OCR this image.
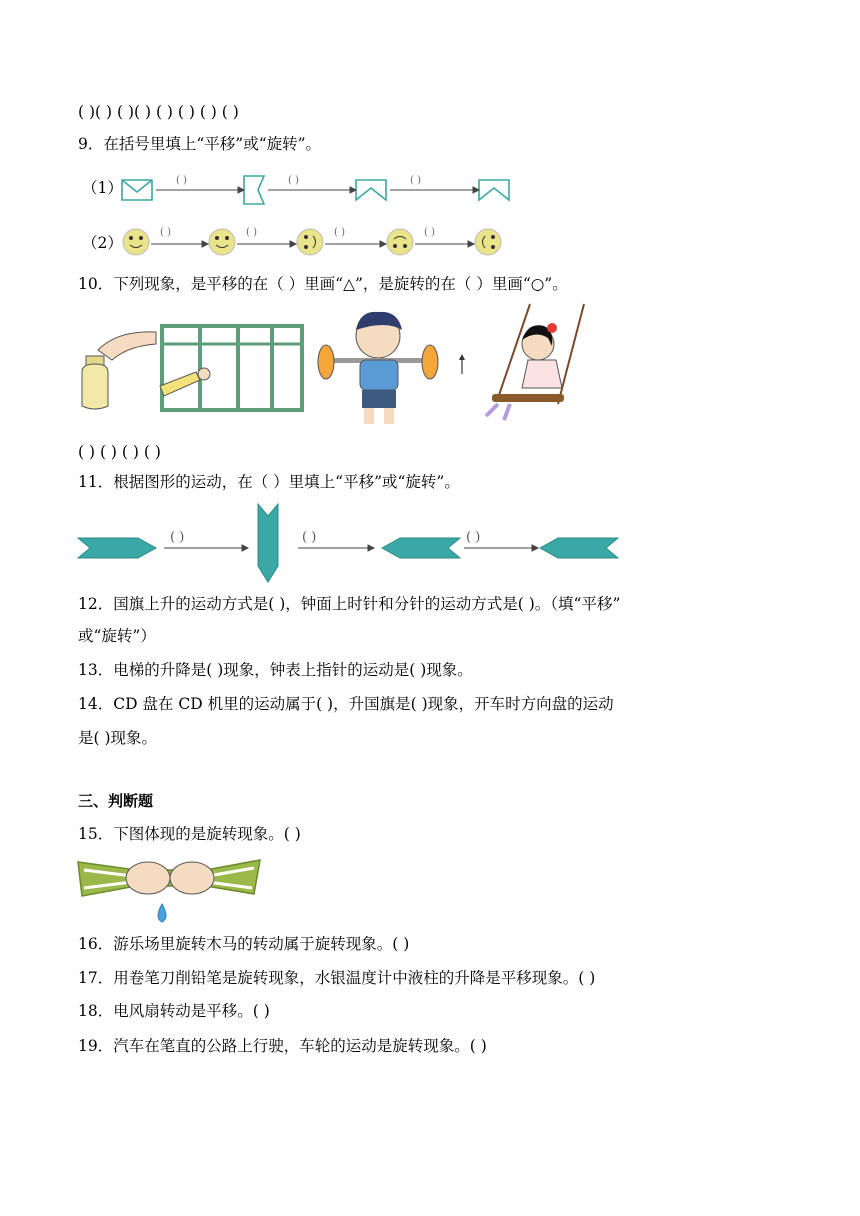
( )( ) ( )( ) ( ) ( ) ( ) ( )
9．在括号里填上“平移”或“旋转”。
（1）	( )	( )	( )
（2）
( )	( )	( )	( )
10．下列现象，是平移的在（ ）里画“△”，是旋转的在（ ）里画“○”。
( ) ( ) ( ) ( )
11．根据图形的运动，在（ ）里填上“平移”或“旋转”。
( )	( )	( )
12．国旗上升的运动方式是( )，钟面上时针和分针的运动方式是( )。（填“平移”
或“旋转”）
13．电梯的升降是( )现象，钟表上指针的运动是( )现象。
14．CD 盘在 CD 机里的运动属于( )，升国旗是( )现象，开车时方向盘的运动
是( )现象。
三、判断题
15．下图体现的是旋转现象。( )
16．游乐场里旋转木马的转动属于旋转现象。( )
17．用卷笔刀削铅笔是旋转现象，水银温度计中液柱的升降是平移现象。( )
18．电风扇转动是平移。( )
19．汽车在笔直的公路上行驶，车轮的运动是旋转现象。( )
